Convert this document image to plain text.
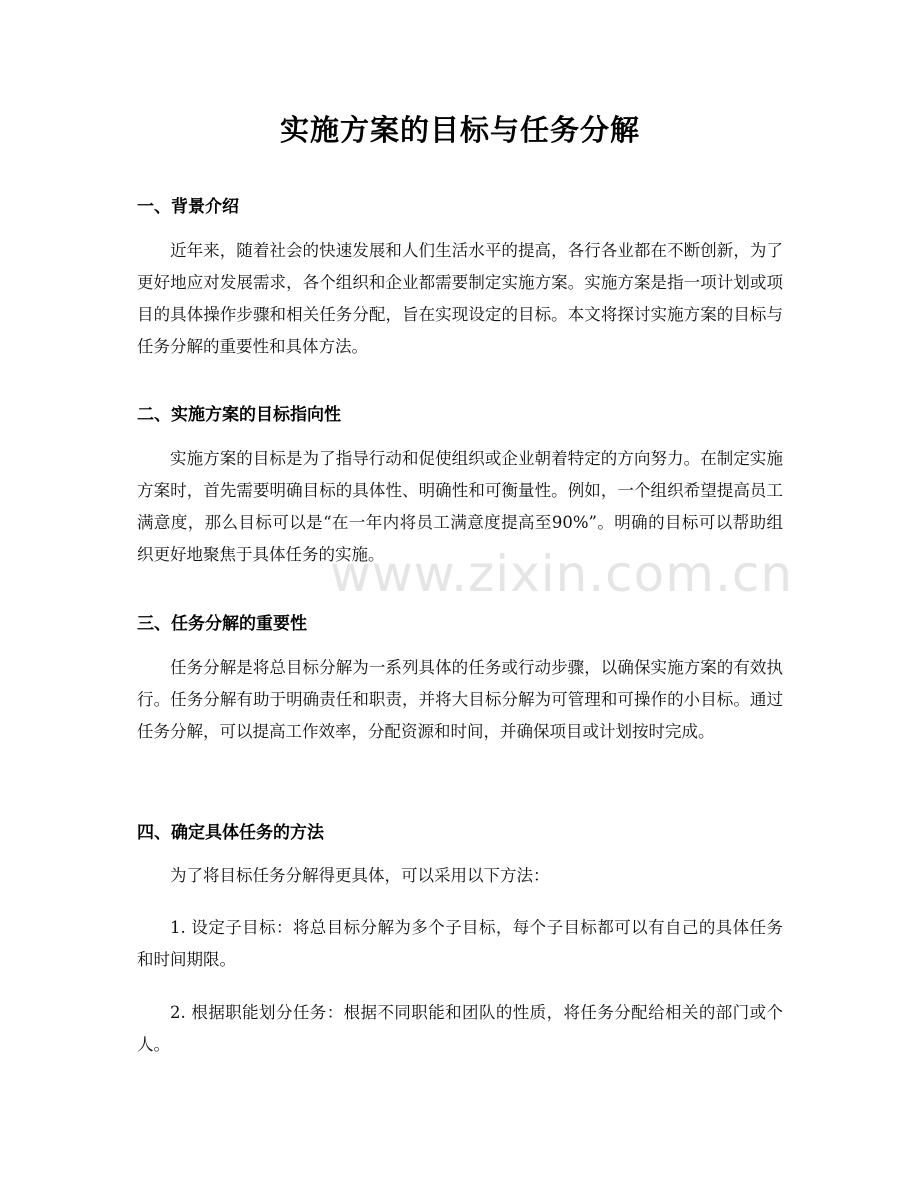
实施方案的目标与任务分解
一、背景介绍

近年来，随着社会的快速发展和人们生活水平的提高，各行各业都在不断创新，为了更好地应对发展需求，各个组织和企业都需要制定实施方案。实施方案是指一项计划或项目的具体操作步骤和相关任务分配，旨在实现设定的目标。本文将探讨实施方案的目标与任务分解的重要性和具体方法。

二、实施方案的目标指向性

实施方案的目标是为了指导行动和促使组织或企业朝着特定的方向努力。在制定实施方案时，首先需要明确目标的具体性、明确性和可衡量性。例如，一个组织希望提高员工满意度，那么目标可以是“在一年内将员工满意度提高至90%”。明确的目标可以帮助组织更好地聚焦于具体任务的实施。

三、任务分解的重要性

任务分解是将总目标分解为一系列具体的任务或行动步骤，以确保实施方案的有效执行。任务分解有助于明确责任和职责，并将大目标分解为可管理和可操作的小目标。通过任务分解，可以提高工作效率，分配资源和时间，并确保项目或计划按时完成。

四、确定具体任务的方法

为了将目标任务分解得更具体，可以采用以下方法：

1. 设定子目标：将总目标分解为多个子目标，每个子目标都可以有自己的具体任务和时间期限。

2. 根据职能划分任务：根据不同职能和团队的性质，将任务分配给相关的部门或个人。

www.zixin.com.cn
